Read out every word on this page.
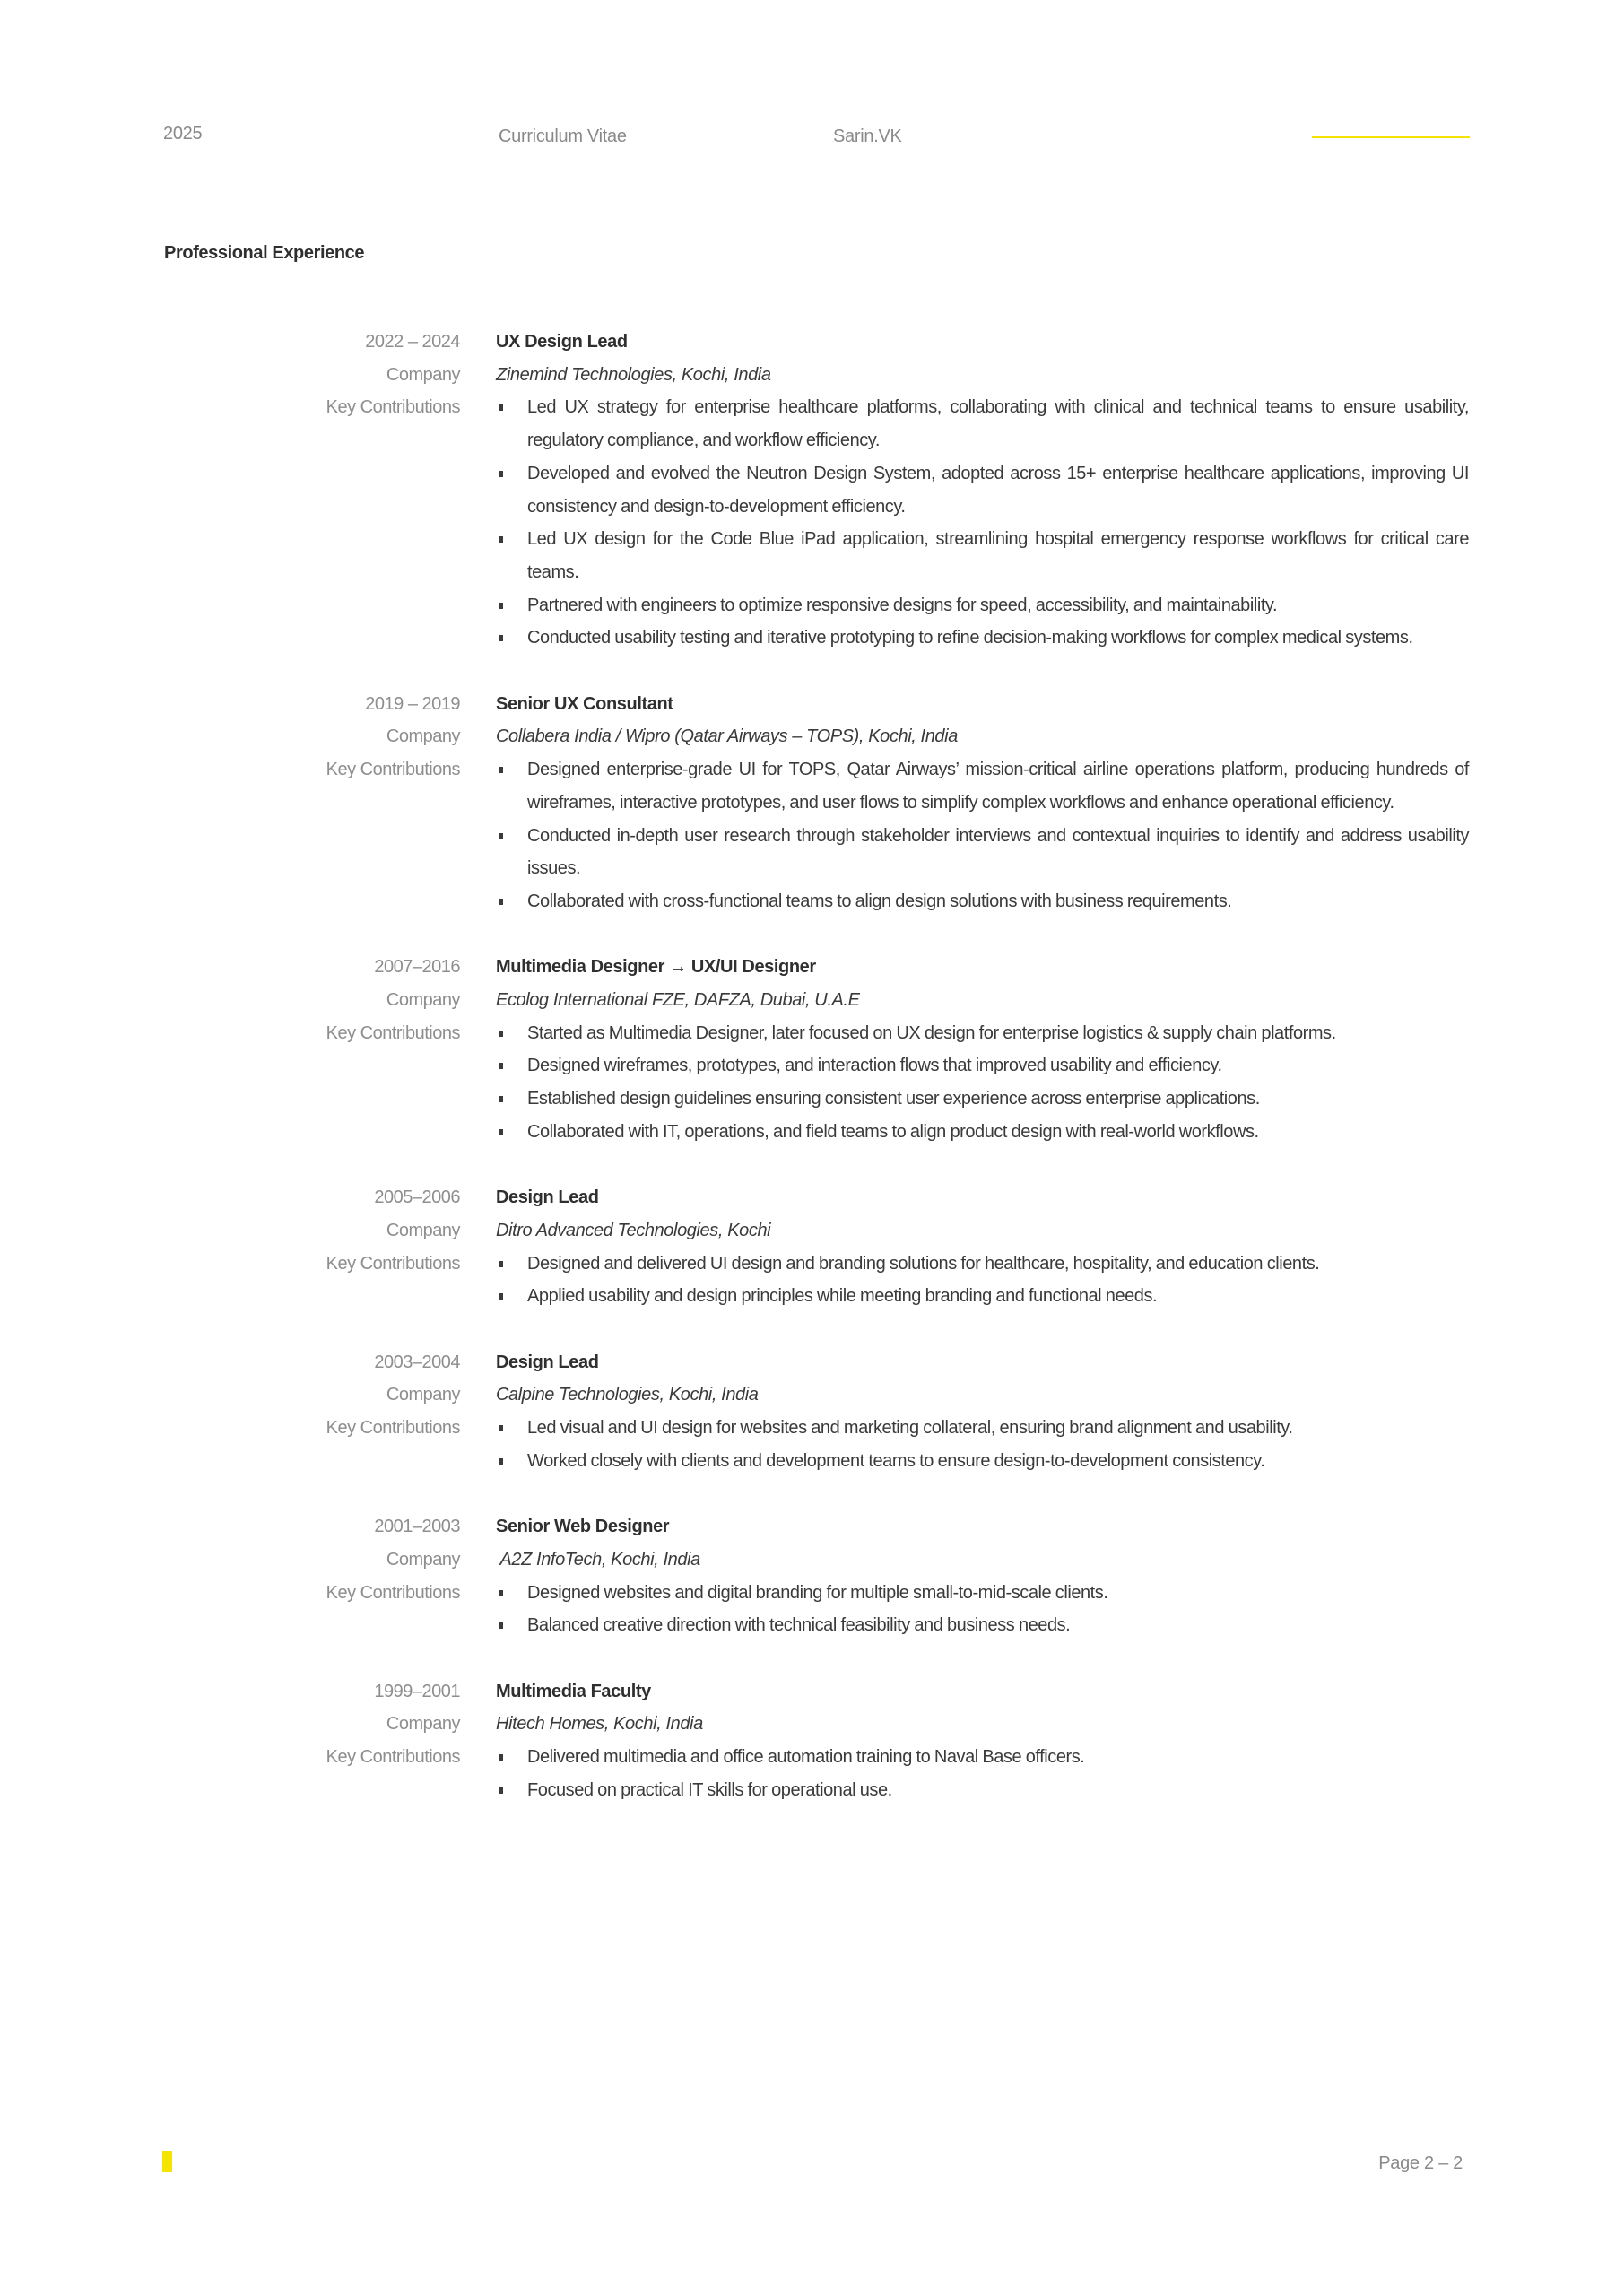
2025	Curriculum Vitae	Sarin.VK
Professional Experience
2022 – 2024 UX Design Lead
Company Zinemind Technologies, Kochi, India
Key Contributions	Led UX strategy for enterprise healthcare platforms, collaborating with clinical and technical teams to ensure usability, regulatory compliance, and workflow efficiency.
Developed and evolved the Neutron Design System, adopted across 15+ enterprise healthcare applications, improving UI consistency and design-to-development efficiency.
Led UX design for the Code Blue iPad application, streamlining hospital emergency response workflows for critical care teams.
Partnered with engineers to optimize responsive designs for speed, accessibility, and maintainability.
Conducted usability testing and iterative prototyping to refine decision-making workflows for complex medical systems.
2019 – 2019 Senior UX Consultant
Company Collabera India / Wipro (Qatar Airways – TOPS), Kochi, India
Key Contributions	Designed enterprise-grade UI for TOPS, Qatar Airways’ mission-critical airline operations platform, producing hundreds of wireframes, interactive prototypes, and user flows to simplify complex workflows and enhance operational efficiency.
Conducted in-depth user research through stakeholder interviews and contextual inquiries to identify and address usability issues.
Collaborated with cross-functional teams to align design solutions with business requirements.
2007–2016 Multimedia Designer → UX/UI Designer
Company Ecolog International FZE, DAFZA, Dubai, U.A.E
Key Contributions	Started as Multimedia Designer, later focused on UX design for enterprise logistics & supply chain platforms.
Designed wireframes, prototypes, and interaction flows that improved usability and efficiency.
Established design guidelines ensuring consistent user experience across enterprise applications.
Collaborated with IT, operations, and field teams to align product design with real-world workflows.
2005–2006 Design Lead
Company Ditro Advanced Technologies, Kochi
Key Contributions	Designed and delivered UI design and branding solutions for healthcare, hospitality, and education clients.
Applied usability and design principles while meeting branding and functional needs.
2003–2004 Design Lead
Company Calpine Technologies, Kochi, India
Key Contributions	Led visual and UI design for websites and marketing collateral, ensuring brand alignment and usability.
Worked closely with clients and development teams to ensure design-to-development consistency.
2001–2003 Senior Web Designer
Company A2Z InfoTech, Kochi, India
Key Contributions	Designed websites and digital branding for multiple small-to-mid-scale clients.
Balanced creative direction with technical feasibility and business needs.
1999–2001 Multimedia Faculty
Company Hitech Homes, Kochi, India
Key Contributions	Delivered multimedia and office automation training to Naval Base officers.
Focused on practical IT skills for operational use.
Page 2 – 2
